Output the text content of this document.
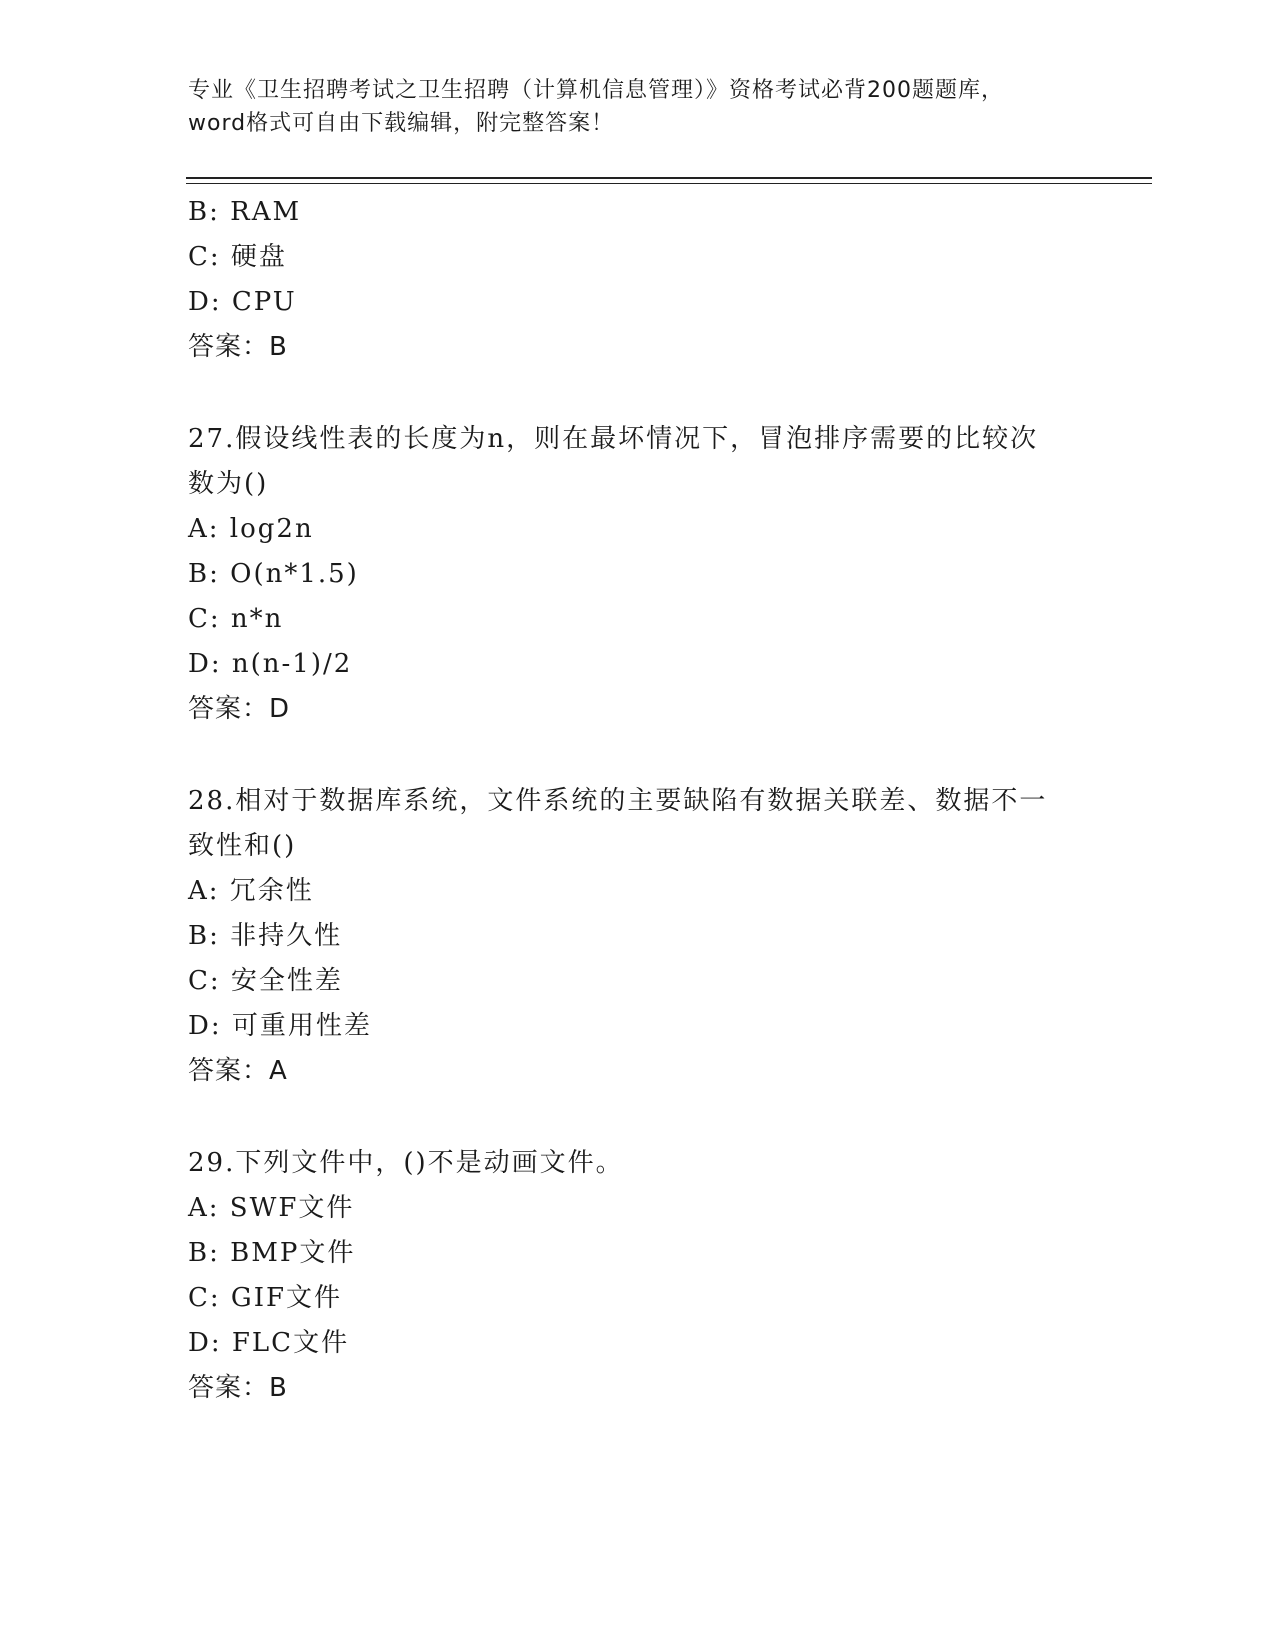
专业《卫生招聘考试之卫生招聘（计算机信息管理）》资格考试必背200题题库，
word格式可自由下载编辑，附完整答案！
B: RAM
C: 硬盘
D: CPU
答案：B
27.假设线性表的长度为n，则在最坏情况下，冒泡排序需要的比较次
数为()
A: log2n
B: O(n*1.5)
C: n*n
D: n(n-1)/2
答案：D
28.相对于数据库系统，文件系统的主要缺陷有数据关联差、数据不一
致性和()
A: 冗余性
B: 非持久性
C: 安全性差
D: 可重用性差
答案：A
29.下列文件中，()不是动画文件。
A: SWF文件
B: BMP文件
C: GIF文件
D: FLC文件
答案：B
